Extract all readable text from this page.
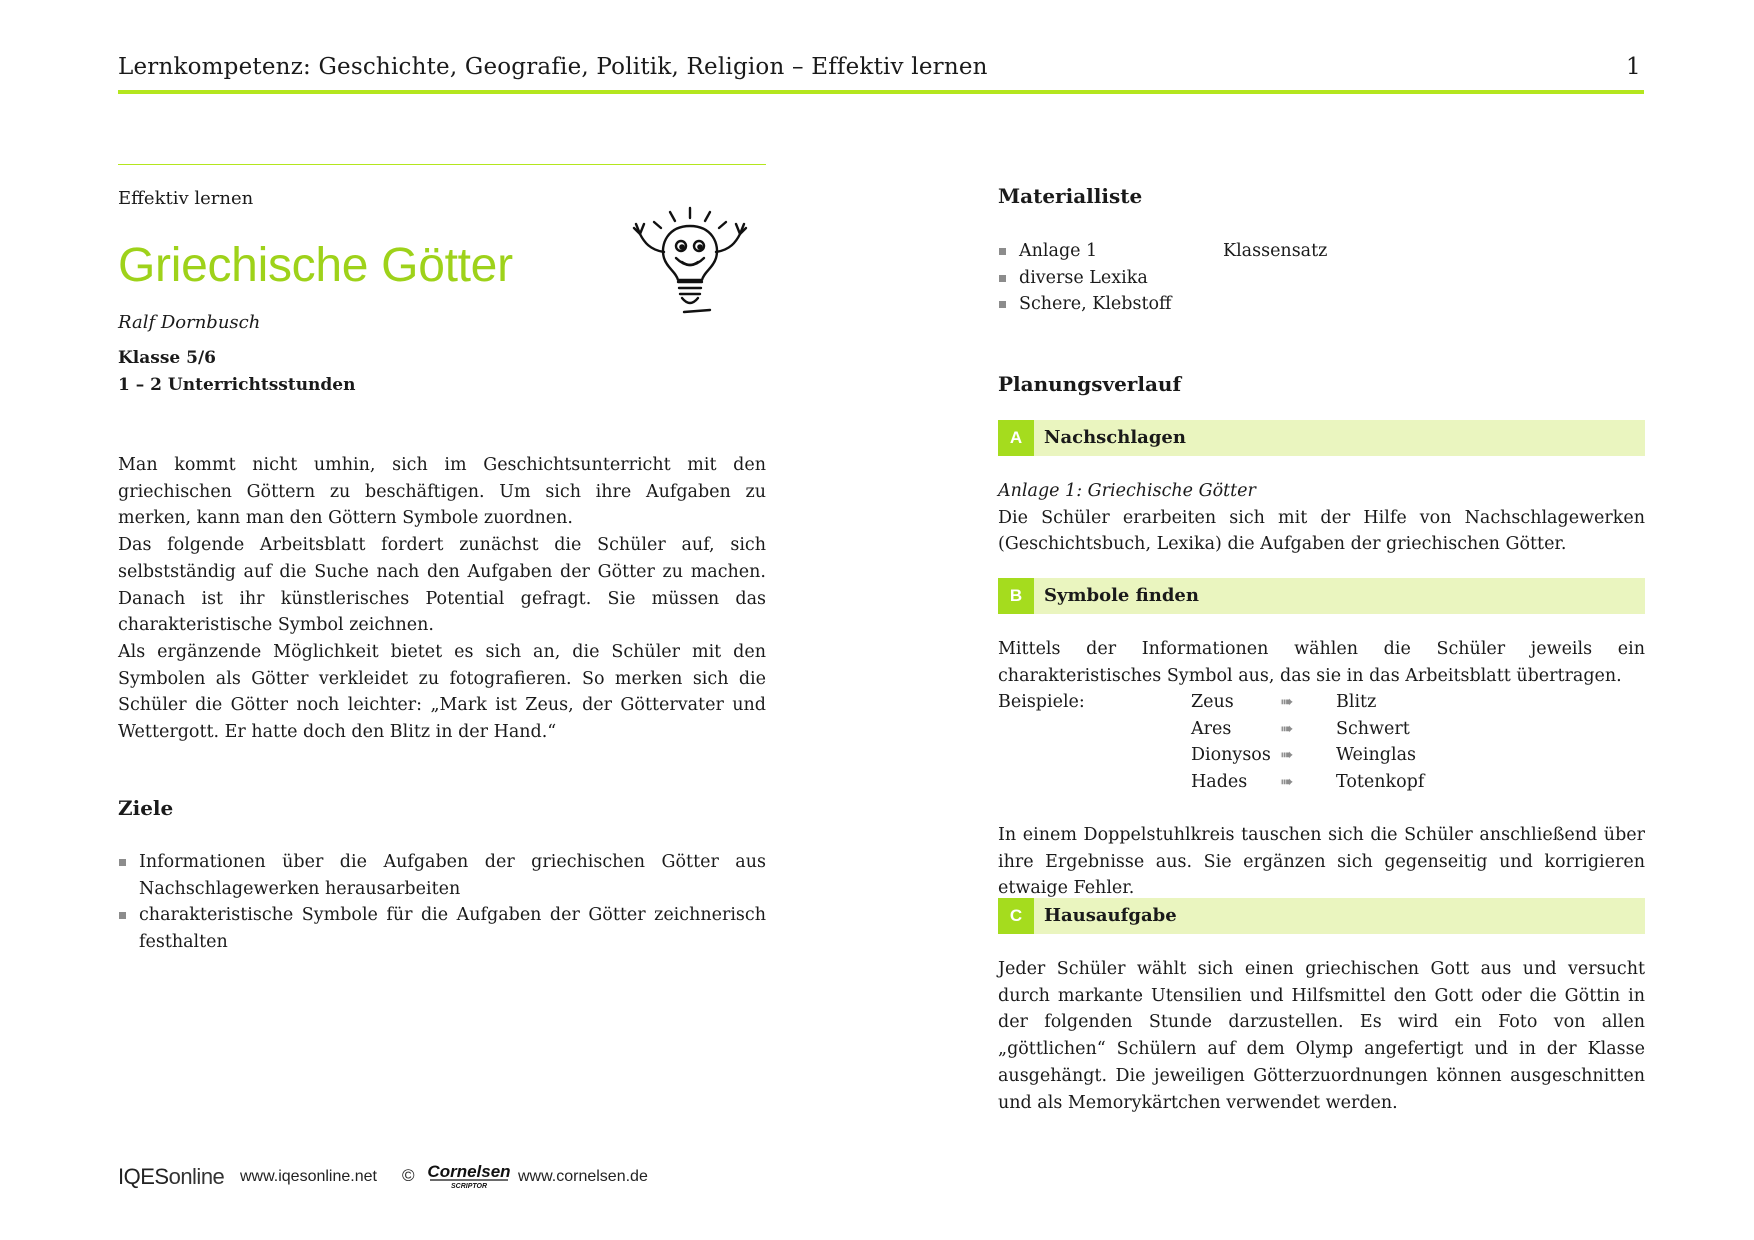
Lernkompetenz: Geschichte, Geografie, Politik, Religion – Effektiv lernen	1
Effektiv lernen
Griechische Götter
Ralf Dornbusch
Klasse 5/6
1 – 2 Unterrichtsstunden

Man kommt nicht umhin, sich im Geschichtsunterricht mit den griechischen Göttern zu beschäftigen. Um sich ihre Aufgaben zu merken, kann man den Göttern Symbole zuordnen.

Das folgende Arbeitsblatt fordert zunächst die Schüler auf, sich selbstständig auf die Suche nach den Aufgaben der Götter zu machen. Danach ist ihr künstlerisches Potential gefragt. Sie müssen das charakteristische Symbol zeichnen.

Als ergänzende Möglichkeit bietet es sich an, die Schüler mit den Symbolen als Götter verkleidet zu fotografieren. So merken sich die Schüler die Götter noch leichter: „Mark ist Zeus, der Göttervater und Wettergott. Er hatte doch den Blitz in der Hand.“

Ziele
Informationen über die Aufgaben der griechischen Götter aus Nachschlagewerken herausarbeiten
charakteristische Symbole für die Aufgaben der Götter zeichnerisch festhalten
Materialliste
Anlage 1	Klassensatz
diverse Lexika
Schere, Klebstoff
Planungsverlauf
A	Nachschlagen

Anlage 1: Griechische Götter

Die Schüler erarbeiten sich mit der Hilfe von Nachschlagewerken (Geschichtsbuch, Lexika) die Aufgaben der griechischen Götter.

B	Symbole finden

Mittels der Informationen wählen die Schüler jeweils ein charakteristisches Symbol aus, das sie in das Arbeitsblatt übertragen.

Beispiele:	Zeus	➠ Blitz
Ares	➠ Schwert
Dionysos ➠ Weinglas
Hades ➠ Totenkopf

In einem Doppelstuhlkreis tauschen sich die Schüler anschließend über ihre Ergebnisse aus. Sie ergänzen sich gegenseitig und korrigieren etwaige Fehler.

C	Hausaufgabe

Jeder Schüler wählt sich einen griechischen Gott aus und versucht durch markante Utensilien und Hilfsmittel den Gott oder die Göttin in der folgenden Stunde darzustellen. Es wird ein Foto von allen „göttlichen“ Schülern auf dem Olymp angefertigt und in der Klasse ausgehängt. Die jeweiligen Götterzuordnungen können ausgeschnitten und als Memorykärtchen verwendet werden.

IQESonline www.iqesonline.net © Cornelsen
SCRIPTOR
www.cornelsen.de
